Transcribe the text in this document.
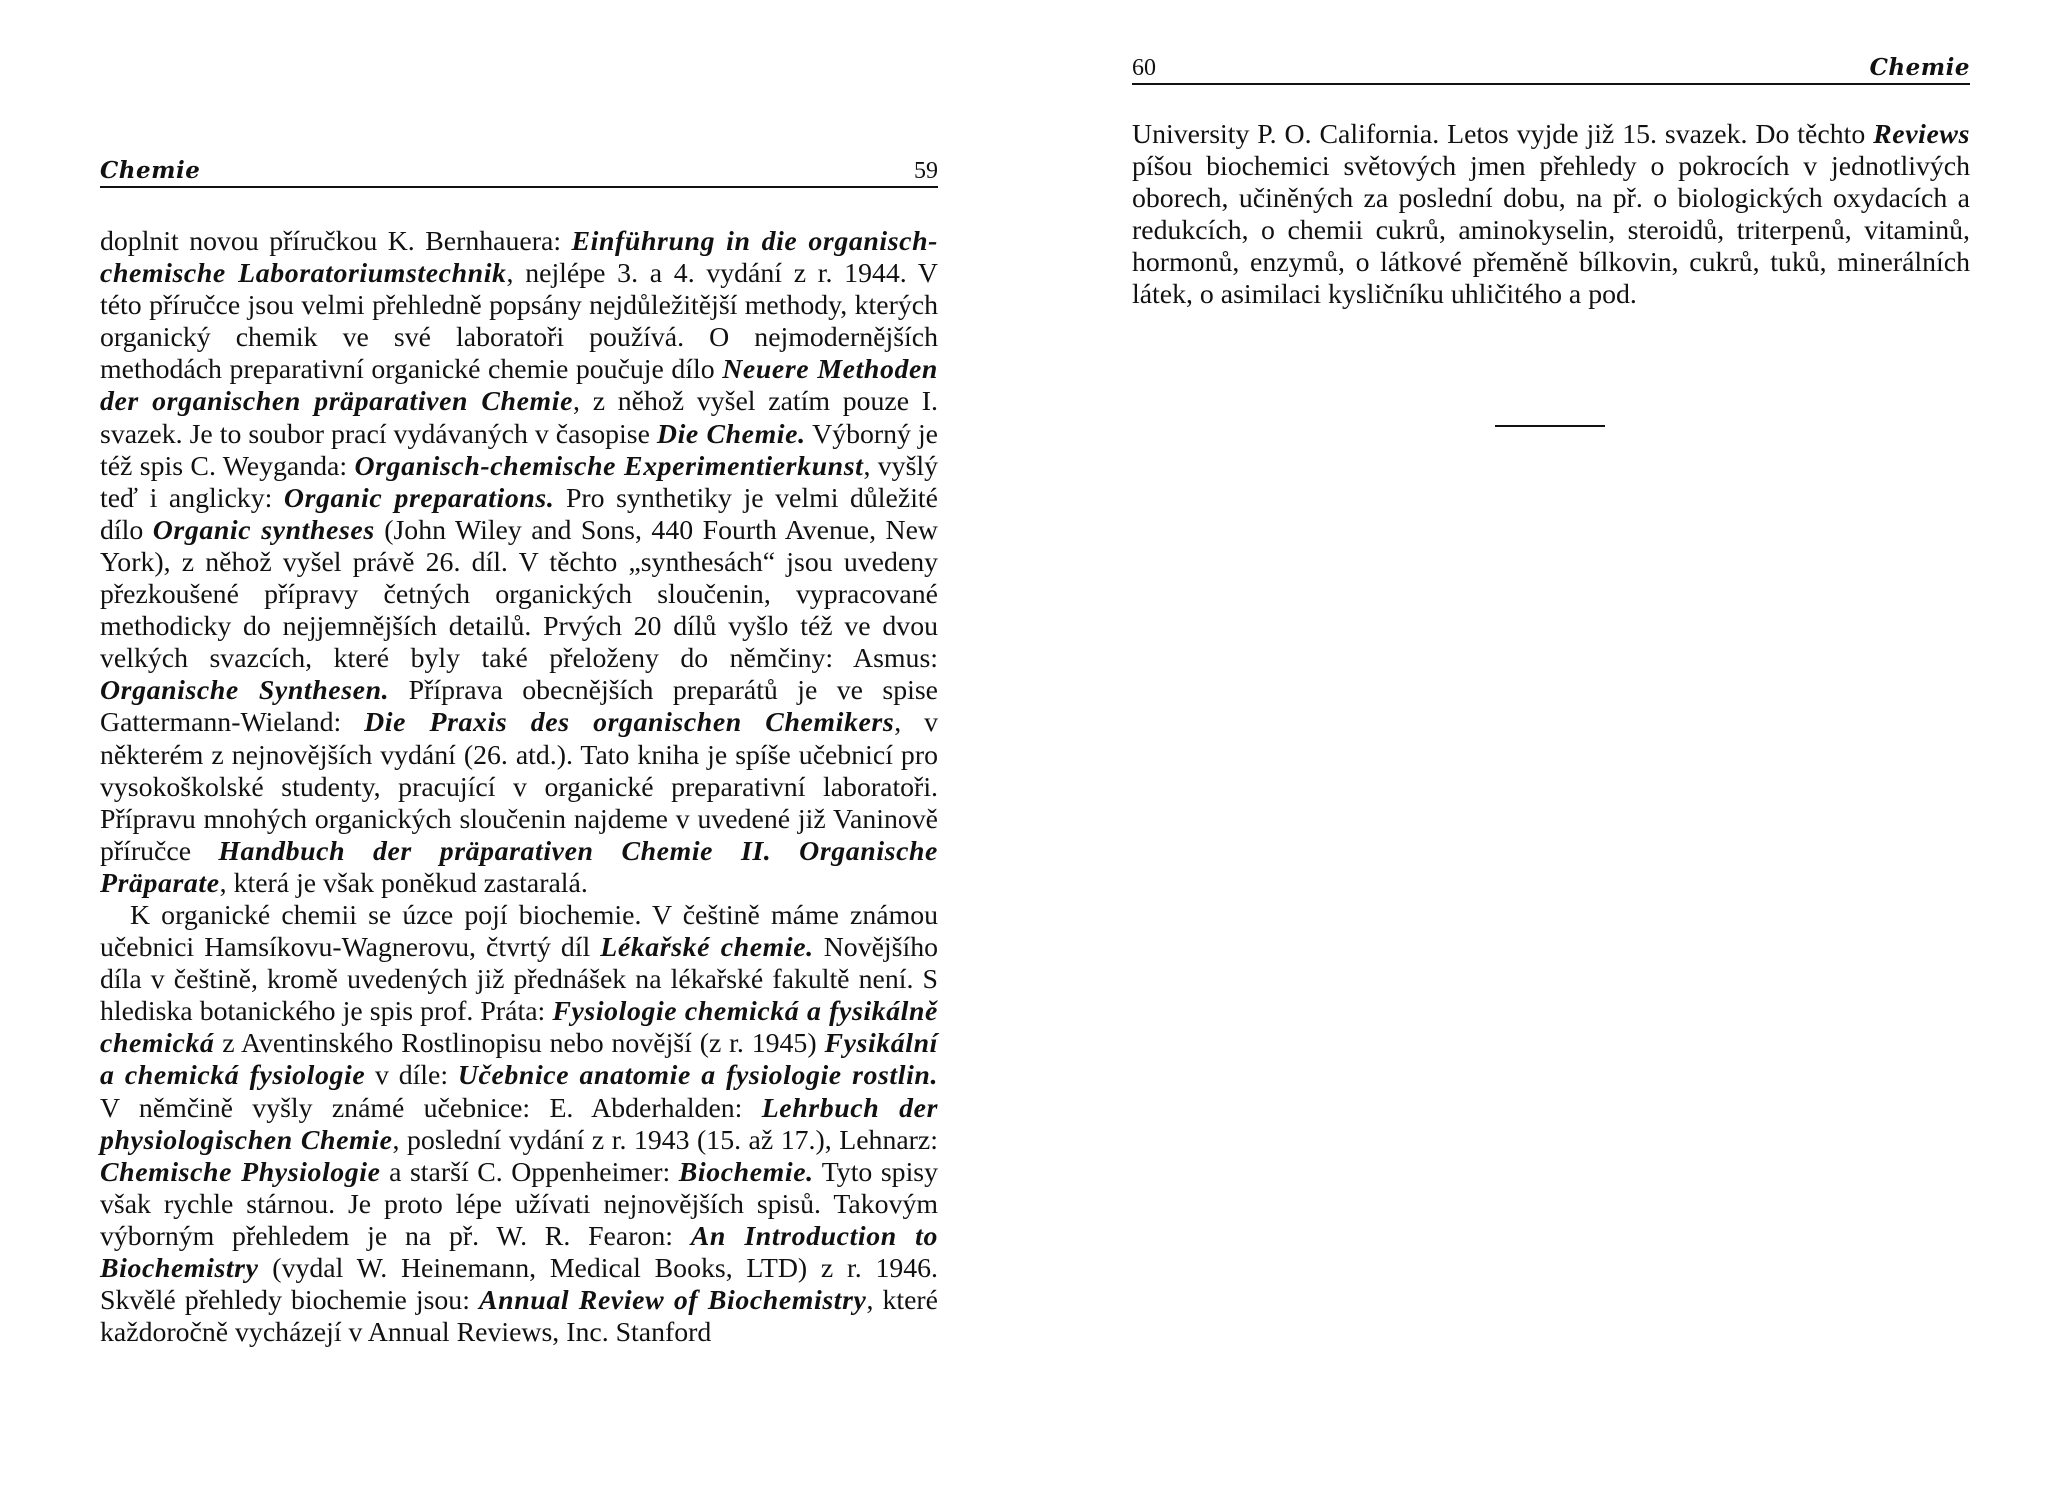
Chemie	59

doplnit novou příručkou K. Bernhauera: Einführung in die organisch-chemische Laboratoriumstechnik, nejlépe 3. a 4. vydání z r. 1944. V této příručce jsou velmi přehledně popsány nejdůležitější methody, kterých organický chemik ve své laboratoři používá. O nejmodernějších methodách preparativní organické chemie poučuje dílo Neuere Methoden der organischen präparativen Chemie, z něhož vyšel zatím pouze I. svazek. Je to soubor prací vydávaných v časopise Die Chemie. Výborný je též spis C. Weyganda: Organisch-chemische Experimentierkunst, vyšlý teď i anglicky: Organic preparations. Pro synthetiky je velmi důležité dílo Organic syntheses (John Wiley and Sons, 440 Fourth Avenue, New York), z něhož vyšel právě 26. díl. V těchto „synthesách“ jsou uvedeny přezkoušené přípravy četných organických sloučenin, vypracované methodicky do nejjemnějších detailů. Prvých 20 dílů vyšlo též ve dvou velkých svazcích, které byly také přeloženy do němčiny: Asmus: Organische Synthesen. Příprava obecnějších preparátů je ve spise Gattermann-Wieland: Die Praxis des organischen Chemikers, v některém z nejnovějších vydání (26. atd.). Tato kniha je spíše učebnicí pro vysokoškolské studenty, pracující v organické preparativní laboratoři. Přípravu mnohých organických sloučenin najdeme v uvedené již Vaninově příručce Handbuch der präparativen Chemie II. Organische Präparate, která je však poněkud zastaralá.

K organické chemii se úzce pojí biochemie. V češtině máme známou učebnici Hamsíkovu-Wagnerovu, čtvrtý díl Lékařské chemie. Novějšího díla v češtině, kromě uvedených již přednášek na lékařské fakultě není. S hlediska botanického je spis prof. Práta: Fysiologie chemická a fysikálně chemická z Aventinského Rostlinopisu nebo novější (z r. 1945) Fysikální a chemická fysiologie v díle: Učebnice anatomie a fysiologie rostlin. V němčině vyšly známé učebnice: E. Abderhalden: Lehrbuch der physiologischen Chemie, poslední vydání z r. 1943 (15. až 17.), Lehnarz: Chemische Physiologie a starší C. Oppenheimer: Biochemie. Tyto spisy však rychle stárnou. Je proto lépe užívati nejnovějších spisů. Takovým výborným přehledem je na př. W. R. Fearon: An Introduction to Biochemistry (vydal W. Heinemann, Medical Books, LTD) z r. 1946. Skvělé přehledy biochemie jsou: Annual Review of Biochemistry, které každoročně vycházejí v Annual Reviews, Inc. Stanford

60	Chemie

University P. O. California. Letos vyjde již 15. svazek. Do těchto Reviews píšou biochemici světových jmen přehledy o pokrocích v jednotlivých oborech, učiněných za poslední dobu, na př. o biologických oxydacích a redukcích, o chemii cukrů, aminokyselin, steroidů, triterpenů, vitaminů, hormonů, enzymů, o látkové přeměně bílkovin, cukrů, tuků, minerálních látek, o asimilaci kysličníku uhličitého a pod.
